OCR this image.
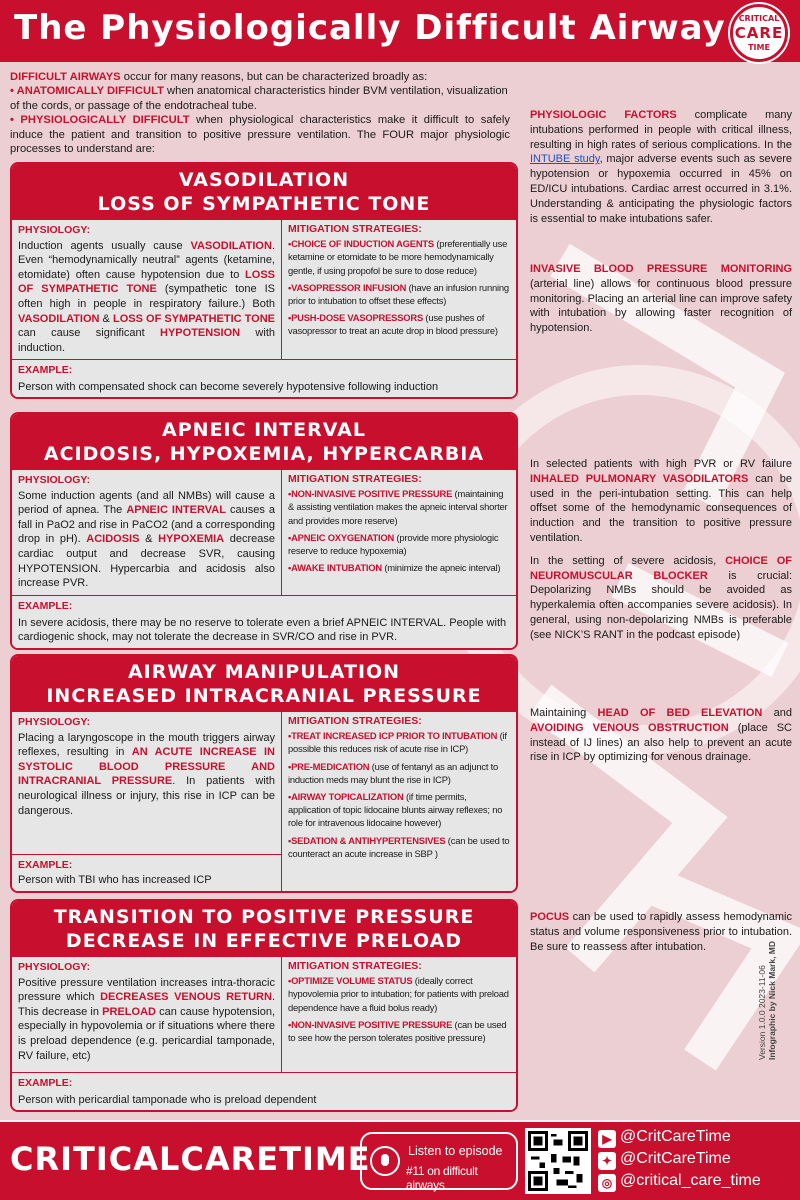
The Physiologically Difficult Airway	CRITICAL
CARE
TIME

DIFFICULT AIRWAYS occur for many reasons, but can be characterized broadly as:

• ANATOMICALLY DIFFICULT when anatomical characteristics hinder BVM ventilation, visualization of the cords, or passage of the endotracheal tube.

• PHYSIOLOGICALLY DIFFICULT when physiological characteristics make it difficult to safely induce the patient and transition to positive pressure ventilation. The FOUR major physiologic processes to understand are:

VASODILATION
LOSS OF SYMPATHETIC TONE
PHYSIOLOGY:
Induction agents usually cause VASODILATION. Even “hemodynamically neutral” agents (ketamine, etomidate) often cause hypotension due to LOSS OF SYMPATHETIC TONE (sympathetic tone IS often high in people in respiratory failure.) Both VASODILATION & LOSS OF SYMPATHETIC TONE can cause significant HYPOTENSION with induction.
MITIGATION STRATEGIES:
•CHOICE OF INDUCTION AGENTS (preferentially use ketamine or etomidate to be more hemodynamically gentle, if using propofol be sure to dose reduce)
•VASOPRESSOR INFUSION (have an infusion running prior to intubation to offset these effects)
•PUSH-DOSE VASOPRESSORS (use pushes of vasopressor to treat an acute drop in blood pressure)
EXAMPLE:
Person with compensated shock can become severely hypotensive following induction
APNEIC INTERVAL
ACIDOSIS, HYPOXEMIA, HYPERCARBIA
PHYSIOLOGY:
Some induction agents (and all NMBs) will cause a period of apnea. The APNEIC INTERVAL causes a fall in PaO2 and rise in PaCO2 (and a corresponding drop in pH). ACIDOSIS & HYPOXEMIA decrease cardiac output and decrease SVR, causing HYPOTENSION. Hypercarbia and acidosis also increase PVR.
MITIGATION STRATEGIES:
•NON-INVASIVE POSITIVE PRESSURE (maintaining & assisting ventilation makes the apneic interval shorter and provides more reserve)
•APNEIC OXYGENATION (provide more physiologic reserve to reduce hypoxemia)
•AWAKE INTUBATION (minimize the apneic interval)
EXAMPLE:
In severe acidosis, there may be no reserve to tolerate even a brief APNEIC INTERVAL. People with cardiogenic shock, may not tolerate the decrease in SVR/CO and rise in PVR.
AIRWAY MANIPULATION
INCREASED INTRACRANIAL PRESSURE
PHYSIOLOGY:
Placing a laryngoscope in the mouth triggers airway reflexes, resulting in AN ACUTE INCREASE IN SYSTOLIC BLOOD PRESSURE AND INTRACRANIAL PRESSURE. In patients with neurological illness or injury, this rise in ICP can be dangerous.
EXAMPLE:
Person with TBI who has increased ICP
MITIGATION STRATEGIES:
•TREAT INCREASED ICP PRIOR TO INTUBATION (if possible this reduces risk of acute rise in ICP)
•PRE-MEDICATION (use of fentanyl as an adjunct to induction meds may blunt the rise in ICP)
•AIRWAY TOPICALIZATION (if time permits, application of topic lidocaine blunts airway reflexes; no role for intravenous lidocaine however)
•SEDATION & ANTIHYPERTENSIVES (can be used to counteract an acute increase in SBP )
TRANSITION TO POSITIVE PRESSURE
DECREASE IN EFFECTIVE PRELOAD
PHYSIOLOGY:
Positive pressure ventilation increases intra-thoracic pressure which DECREASES VENOUS RETURN. This decrease in PRELOAD can cause hypotension, especially in hypovolemia or if situations where there is preload dependence (e.g. pericardial tamponade, RV failure, etc)
MITIGATION STRATEGIES:
•OPTIMIZE VOLUME STATUS (ideally correct hypovolemia prior to intubation; for patients with preload dependence have a fluid bolus ready)
•NON-INVASIVE POSITIVE PRESSURE (can be used to see how the person tolerates positive pressure)
EXAMPLE:
Person with pericardial tamponade who is preload dependent

PHYSIOLOGIC FACTORS complicate many intubations performed in people with critical illness, resulting in high rates of serious complications. In the INTUBE study, major adverse events such as severe hypotension or hypoxemia occurred in 45% on ED/ICU intubations. Cardiac arrest occurred in 3.1%. Understanding & anticipating the physiologic factors is essential to make intubations safer.

INVASIVE BLOOD PRESSURE MONITORING (arterial line) allows for continuous blood pressure monitoring. Placing an arterial line can improve safety with intubation by allowing faster recognition of hypotension.

In selected patients with high PVR or RV failure INHALED PULMONARY VASODILATORS can be used in the peri-intubation setting. This can help offset some of the hemodynamic consequences of induction and the transition to positive pressure ventilation.

In the setting of severe acidosis, CHOICE OF NEUROMUSCULAR BLOCKER is crucial: Depolarizing NMBs should be avoided as hyperkalemia often accompanies severe acidosis). In general, using non-depolarizing NMBs is preferable (see NICK’S RANT in the podcast episode)

Maintaining HEAD OF BED ELEVATION and AVOIDING VENOUS OBSTRUCTION (place SC instead of IJ lines) an also help to prevent an acute rise in ICP by optimizing for venous drainage.

POCUS can be used to rapidly assess hemodynamic status and volume responsiveness prior to intubation. Be sure to reassess after intubation.

Version 1.0.0 2023-11-06 Infographic by Nick Mark, MD
CRITICALCARETIME	Listen to episode
#11 on difficult airways
▶ @CritCareTime
✦ @CritCareTime
◎ @critical_care_time
